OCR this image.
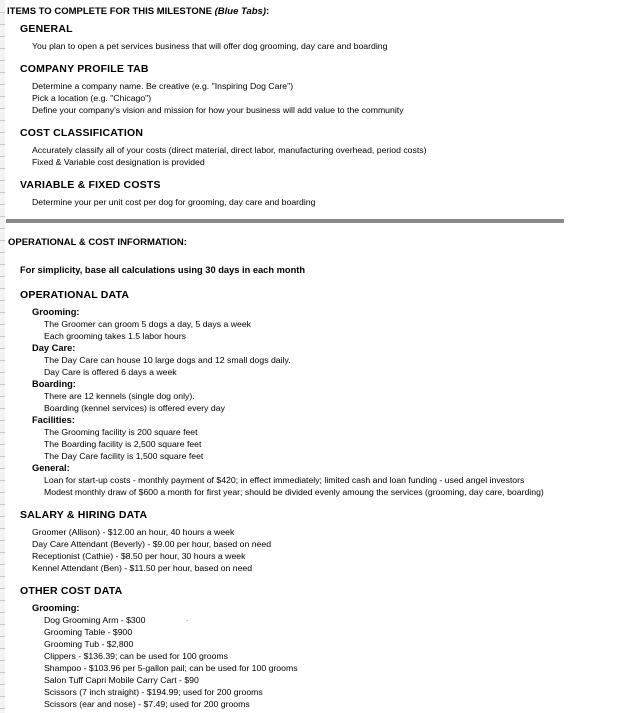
ITEMS TO COMPLETE FOR THIS MILESTONE (Blue Tabs):
GENERAL
You plan to open a pet services business that will offer dog grooming, day care and boarding
COMPANY PROFILE TAB
Determine a company name. Be creative (e.g. "Inspiring Dog Care")
Pick a location (e.g. "Chicago")
Define your company's vision and mission for how your business will add value to the community
COST CLASSIFICATION
Accurately classify all of your costs (direct material, direct labor, manufacturing overhead, period costs)
Fixed & Variable cost designation is provided
VARIABLE & FIXED COSTS
Determine your per unit cost per dog for grooming, day care and boarding
OPERATIONAL & COST INFORMATION:
For simplicity, base all calculations using 30 days in each month
OPERATIONAL DATA
Grooming:
The Groomer can groom 5 dogs a day, 5 days a week
Each grooming takes 1.5 labor hours
Day Care:
The Day Care can house 10 large dogs and 12 small dogs daily.
Day Care is offered 6 days a week
Boarding:
There are 12 kennels (single dog only).
Boarding (kennel services) is offered every day
Facilities:
The Grooming facility is 200 square feet
The Boarding facility is 2,500 square feet
The Day Care facility is 1,500 square feet
General:
Loan for start-up costs - monthly payment of $420; in effect immediately; limited cash and loan funding - used angel investors
Modest monthly draw of $600 a month for first year; should be divided evenly amoung the services (grooming, day care, boarding)
SALARY & HIRING DATA
Groomer (Allison) - $12.00 an hour, 40 hours a week
Day Care Attendant (Beverly) - $9.00 per hour, based on need
Receptionist (Cathie) - $8.50 per hour, 30 hours a week
Kennel Attendant (Ben) - $11.50 per hour, based on need
OTHER COST DATA
Grooming:
Dog Grooming Arm - $300	.
Grooming Table - $900
Grooming Tub - $2,800
Clippers - $136.39; can be used for 100 grooms
Shampoo - $103.96 per 5-gallon pail; can be used for 100 grooms
Salon Tuff Capri Mobile Carry Cart - $90
Scissors (7 inch straight) - $194.99; used for 200 grooms
Scissors (ear and nose) - $7.49; used for 200 grooms
